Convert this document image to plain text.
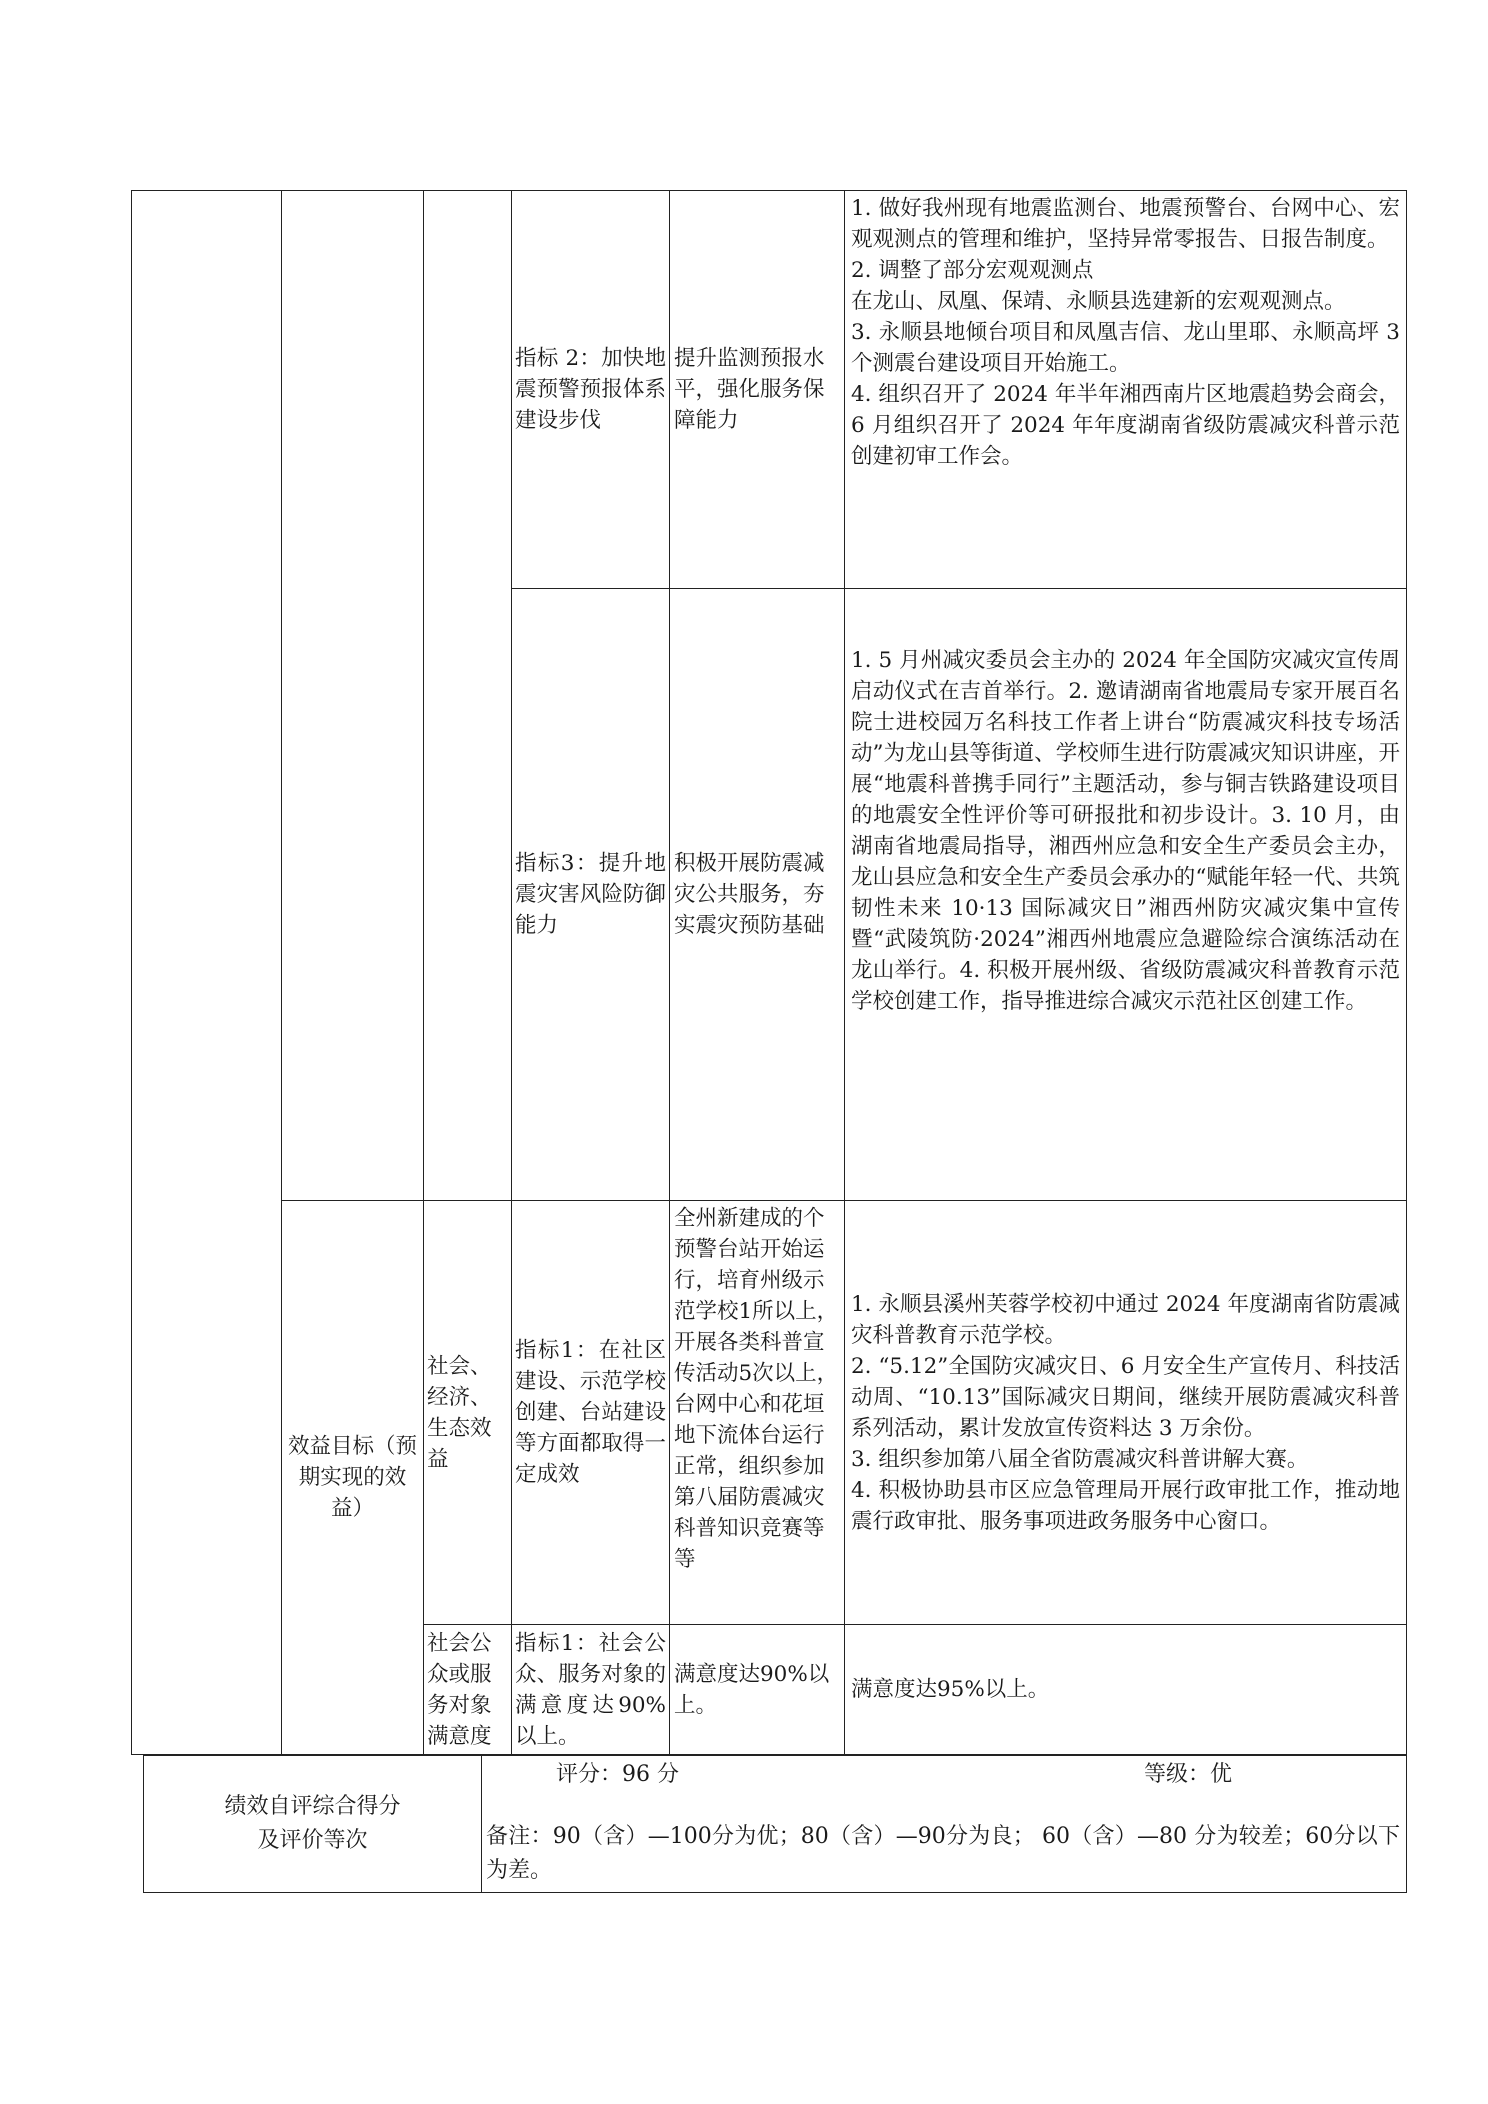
			指标 2：加快地震预警预报体系建设步伐	提升监测预报水平，强化服务保障能力	1. 做好我州现有地震监测台、地震预警台、台网中心、宏观观测点的管理和维护，坚持异常零报告、日报告制度。
2. 调整了部分宏观观测点
在龙山、凤凰、保靖、永顺县选建新的宏观观测点。
3. 永顺县地倾台项目和凤凰吉信、龙山里耶、永顺高坪 3 个测震台建设项目开始施工。
4. 组织召开了 2024 年半年湘西南片区地震趋势会商会，6 月组织召开了 2024 年年度湖南省级防震减灾科普示范创建初审工作会。

			指标3：提升地震灾害风险防御能力	积极开展防震减灾公共服务，夯实震灾预防基础	1. 5 月州减灾委员会主办的 2024 年全国防灾减灾宣传周启动仪式在吉首举行。2. 邀请湖南省地震局专家开展百名院士进校园万名科技工作者上讲台“防震减灾科技专场活动”为龙山县等街道、学校师生进行防震减灾知识讲座，开展“地震科普携手同行”主题活动，参与铜吉铁路建设项目的地震安全性评价等可研报批和初步设计。3. 10 月，由湖南省地震局指导，湘西州应急和安全生产委员会主办，龙山县应急和安全生产委员会承办的“赋能年轻一代、共筑韧性未来 10·13 国际减灾日”湘西州防灾减灾集中宣传暨“武陵筑防·2024”湘西州地震应急避险综合演练活动在龙山举行。4. 积极开展州级、省级防震减灾科普教育示范学校创建工作，指导推进综合减灾示范社区创建工作。
	效益目标（预期实现的效益）	社会、经济、生态效益	指标1：在社区建设、示范学校创建、台站建设等方面都取得一定成效	全州新建成的个预警台站开始运行，培育州级示范学校1所以上，开展各类科普宣传活动5次以上，台网中心和花垣地下流体台运行正常，组织参加第八届防震减灾科普知识竞赛等等	1. 永顺县溪州芙蓉学校初中通过 2024 年度湖南省防震减灾科普教育示范学校。
2. “5.12”全国防灾减灾日、6 月安全生产宣传月、科技活动周、“10.13”国际减灾日期间，继续开展防震减灾科普系列活动，累计发放宣传资料达 3 万余份。
3. 组织参加第八届全省防震减灾科普讲解大赛。
4. 积极协助县市区应急管理局开展行政审批工作，推动地震行政审批、服务事项进政务服务中心窗口。

		社会公众或服务对象满意度	指标1：社会公众、服务对象的满意度达90%以上。	满意度达90%以上。	满意度达95%以上。
绩效自评综合得分
及评价等次

评分：96 分	等级：优
备注：90（含）—100分为优；80（含）—90分为良； 60（含）—80 分为较差；60分以下为差。
